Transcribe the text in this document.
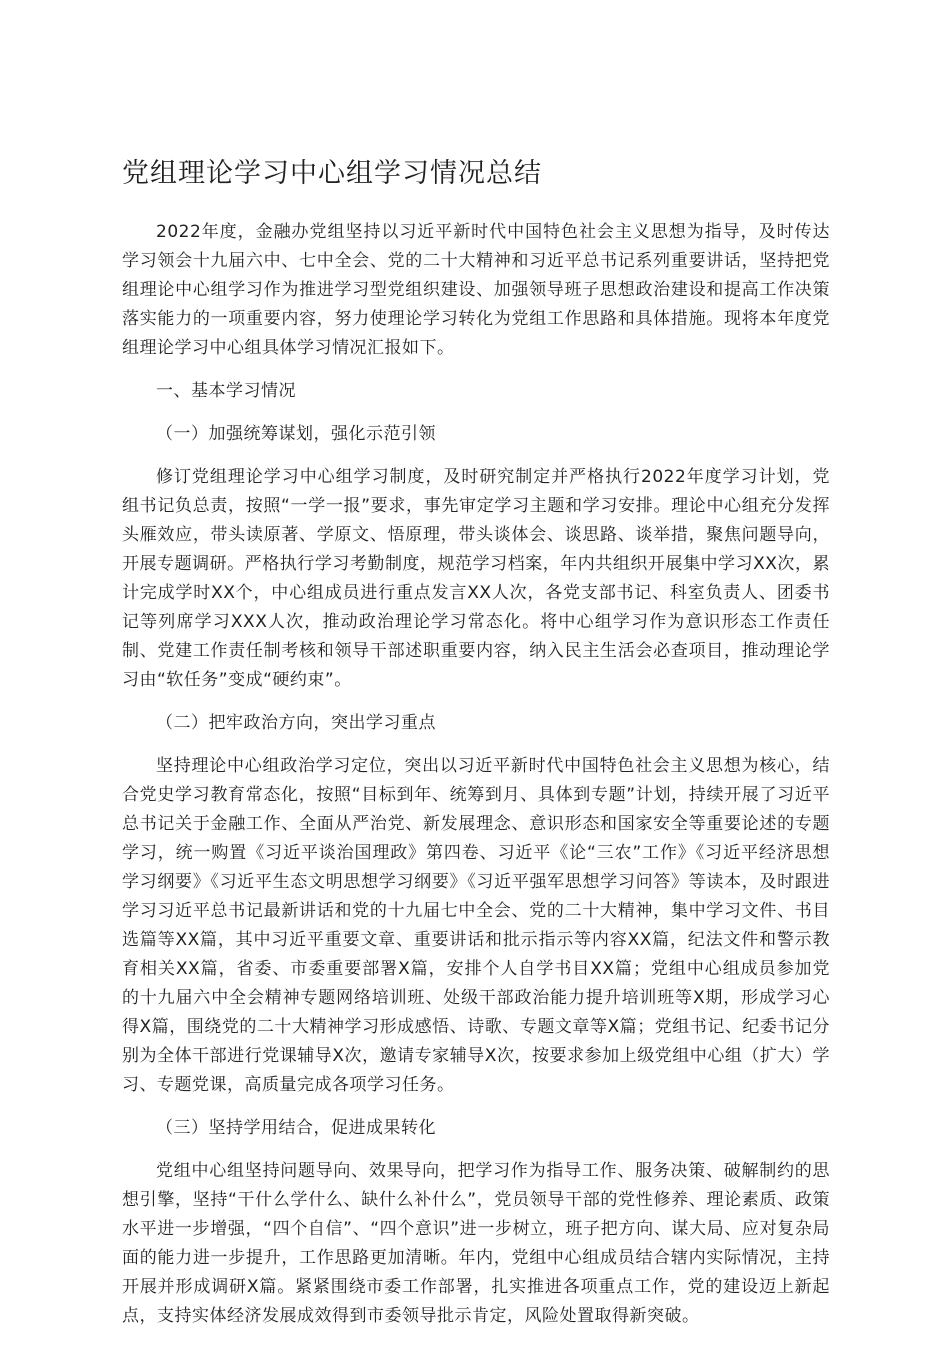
党组理论学习中心组学习情况总结

2022年度，金融办党组坚持以习近平新时代中国特色社会主义思想为指导，及时传达学习领会十九届六中、七中全会、党的二十大精神和习近平总书记系列重要讲话，坚持把党组理论中心组学习作为推进学习型党组织建设、加强领导班子思想政治建设和提高工作决策落实能力的一项重要内容，努力使理论学习转化为党组工作思路和具体措施。现将本年度党组理论学习中心组具体学习情况汇报如下。

一、基本学习情况

（一）加强统筹谋划，强化示范引领

修订党组理论学习中心组学习制度，及时研究制定并严格执行2022年度学习计划，党组书记负总责，按照“一学一报”要求，事先审定学习主题和学习安排。理论中心组充分发挥头雁效应，带头读原著、学原文、悟原理，带头谈体会、谈思路、谈举措，聚焦问题导向，开展专题调研。严格执行学习考勤制度，规范学习档案，年内共组织开展集中学习XX次，累计完成学时XX个，中心组成员进行重点发言XX人次，各党支部书记、科室负责人、团委书记等列席学习XXX人次，推动政治理论学习常态化。将中心组学习作为意识形态工作责任制、党建工作责任制考核和领导干部述职重要内容，纳入民主生活会必查项目，推动理论学习由“软任务”变成“硬约束”。

（二）把牢政治方向，突出学习重点

坚持理论中心组政治学习定位，突出以习近平新时代中国特色社会主义思想为核心，结合党史学习教育常态化，按照“目标到年、统筹到月、具体到专题”计划，持续开展了习近平总书记关于金融工作、全面从严治党、新发展理念、意识形态和国家安全等重要论述的专题学习，统一购置《习近平谈治国理政》第四卷、习近平《论“三农”工作》《习近平经济思想学习纲要》《习近平生态文明思想学习纲要》《习近平强军思想学习问答》等读本，及时跟进学习习近平总书记最新讲话和党的十九届七中全会、党的二十大精神，集中学习文件、书目选篇等XX篇，其中习近平重要文章、重要讲话和批示指示等内容XX篇，纪法文件和警示教育相关XX篇，省委、市委重要部署X篇，安排个人自学书目XX篇；党组中心组成员参加党的十九届六中全会精神专题网络培训班、处级干部政治能力提升培训班等X期，形成学习心得X篇，围绕党的二十大精神学习形成感悟、诗歌、专题文章等X篇；党组书记、纪委书记分别为全体干部进行党课辅导X次，邀请专家辅导X次，按要求参加上级党组中心组（扩大）学习、专题党课，高质量完成各项学习任务。

（三）坚持学用结合，促进成果转化

党组中心组坚持问题导向、效果导向，把学习作为指导工作、服务决策、破解制约的思想引擎，坚持“干什么学什么、缺什么补什么”，党员领导干部的党性修养、理论素质、政策水平进一步增强，“四个自信”、“四个意识”进一步树立，班子把方向、谋大局、应对复杂局面的能力进一步提升，工作思路更加清晰。年内，党组中心组成员结合辖内实际情况，主持开展并形成调研X篇。紧紧围绕市委工作部署，扎实推进各项重点工作，党的建设迈上新起点，支持实体经济发展成效得到市委领导批示肯定，风险处置取得新突破。
